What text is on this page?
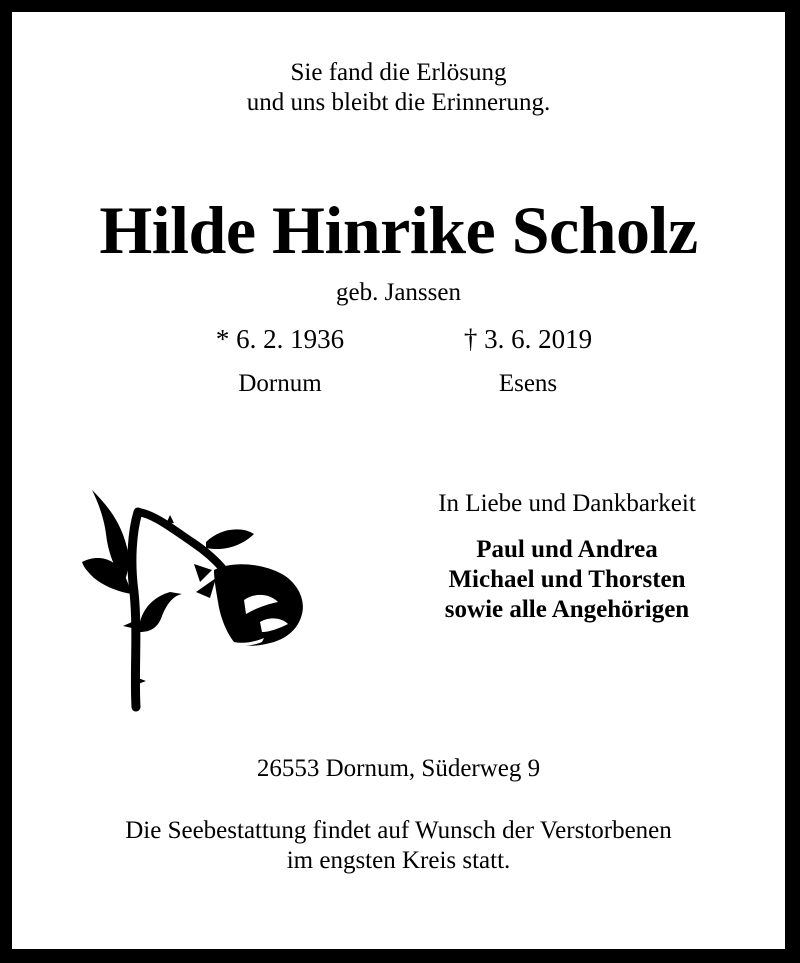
Sie fand die Erlösung
und uns bleibt die Erinnerung.
Hilde Hinrike Scholz
geb. Janssen
* 6. 2. 1936	† 3. 6. 2019
Dornum	Esens
In Liebe und Dankbarkeit
Paul und Andrea
Michael und Thorsten
sowie alle Angehörigen
26553 Dornum, Süderweg 9
Die Seebestattung findet auf Wunsch der Verstorbenen
im engsten Kreis statt.
